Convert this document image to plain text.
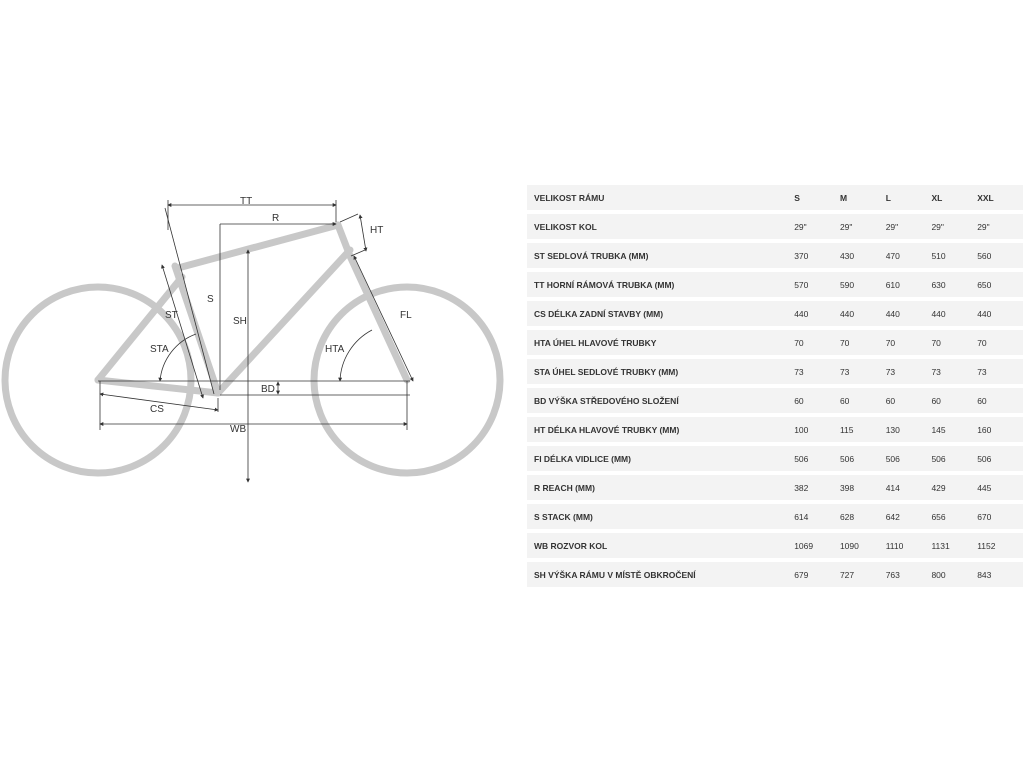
TT
R
HT
S
ST
SH
FL
STA	HTA
BD
CS
WB
VELIKOST RÁMU	S	M	L	XL	XXL
VELIKOST KOL	29"	29"	29"	29"	29"
ST SEDLOVÁ TRUBKA (MM)	370	430	470	510	560
TT HORNÍ RÁMOVÁ TRUBKA (MM)	570	590	610	630	650
CS DÉLKA ZADNÍ STAVBY (MM)	440	440	440	440	440
HTA ÚHEL HLAVOVÉ TRUBKY	70	70	70	70	70
STA ÚHEL SEDLOVÉ TRUBKY (MM)	73	73	73	73	73
BD VÝŠKA STŘEDOVÉHO SLOŽENÍ	60	60	60	60	60
HT DÉLKA HLAVOVÉ TRUBKY (MM)	100	115	130	145	160
FI DÉLKA VIDLICE (MM)	506	506	506	506	506
R REACH (MM)	382	398	414	429	445
S STACK (MM)	614	628	642	656	670
WB ROZVOR KOL	1069	1090	1110	1131	1152
SH VÝŠKA RÁMU V MÍSTĚ OBKROČENÍ	679	727	763	800	843
